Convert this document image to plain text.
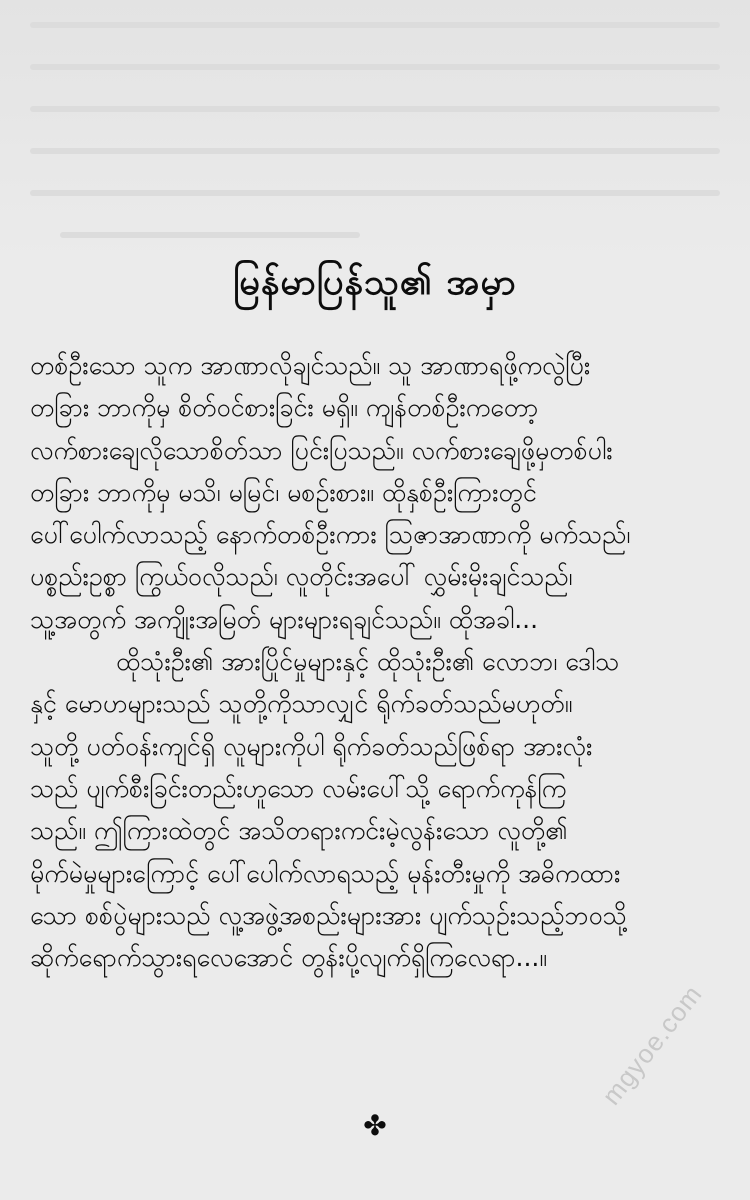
မြန်မာပြန်သူ၏ အမှာ
တစ်ဦးသော သူက အာဏာလိုချင်သည်။ သူ အာဏာရဖို့ကလွဲပြီး
တခြား ဘာကိုမှ စိတ်ဝင်စားခြင်း မရှိ။ ကျန်တစ်ဦးကတော့
လက်စားချေလိုသောစိတ်သာ ပြင်းပြသည်။ လက်စားချေဖို့မှတစ်ပါး
တခြား ဘာကိုမှ မသိ၊ မမြင်၊ မစဉ်းစား။ ထိုနှစ်ဦးကြားတွင်
ပေါ်ပေါက်လာသည့် နောက်တစ်ဦးကား သြဇာအာဏာကို မက်သည်၊
ပစ္စည်းဥစ္စာ ကြွယ်ဝလိုသည်၊ လူတိုင်းအပေါ် လွှမ်းမိုးချင်သည်၊
သူ့အတွက် အကျိုးအမြတ် များများရချင်သည်။ ထိုအခါ...
ထိုသုံးဦး၏ အားပြိုင်မှုများနှင့် ထိုသုံးဦး၏ လောဘ၊ ဒေါသ
နှင့် မောဟများသည် သူတို့ကိုသာလျှင် ရိုက်ခတ်သည်မဟုတ်။
သူတို့ ပတ်ဝန်းကျင်ရှိ လူများကိုပါ ရိုက်ခတ်သည်ဖြစ်ရာ အားလုံး
သည် ပျက်စီးခြင်းတည်းဟူသော လမ်းပေါ်သို့ ရောက်ကုန်ကြ
သည်။ ဤကြားထဲတွင် အသိတရားကင်းမဲ့လွန်းသော လူတို့၏
မိုက်မဲမှုများကြောင့် ပေါ်ပေါက်လာရသည့် မုန်းတီးမှုကို အဓိကထား
သော စစ်ပွဲများသည် လူ့အဖွဲ့အစည်းများအား ပျက်သုဉ်းသည့်ဘဝသို့
ဆိုက်ရောက်သွားရလေအောင် တွန်းပို့လျက်ရှိကြလေရာ...။
✤
mgyoe.com
